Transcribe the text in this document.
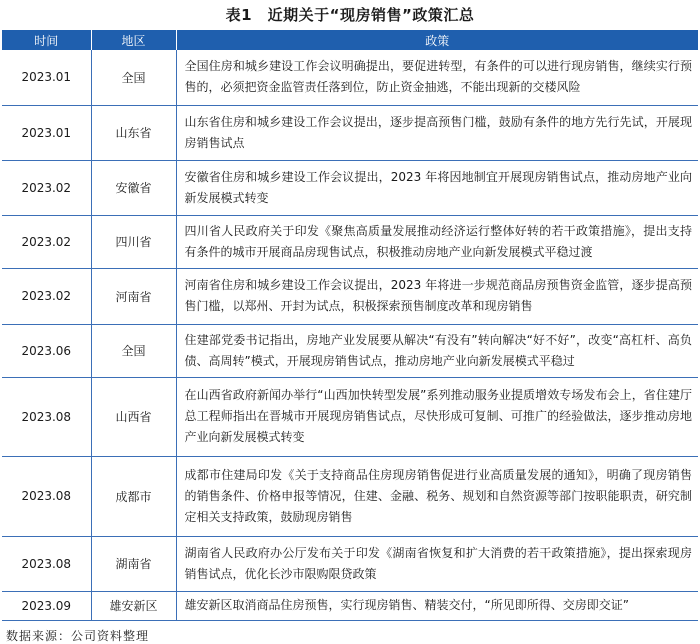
表1　近期关于“现房销售”政策汇总
时间	地区	政策
2023.01	全国	全国住房和城乡建设工作会议明确提出，要促进转型，有条件的可以进行现房销售，继续实行预售的，必须把资金监管责任落到位，防止资金抽逃，不能出现新的交楼风险
2023.01	山东省	山东省住房和城乡建设工作会议提出，逐步提高预售门槛，鼓励有条件的地方先行先试，开展现房销售试点
2023.02	安徽省	安徽省住房和城乡建设工作会议提出，2023 年将因地制宜开展现房销售试点，推动房地产业向新发展模式转变
2023.02	四川省	四川省人民政府关于印发《聚焦高质量发展推动经济运行整体好转的若干政策措施》，提出支持有条件的城市开展商品房现售试点，积极推动房地产业向新发展模式平稳过渡
2023.02	河南省	河南省住房和城乡建设工作会议提出，2023 年将进一步规范商品房预售资金监管，逐步提高预售门槛，以郑州、开封为试点，积极探索预售制度改革和现房销售
2023.06	全国	住建部党委书记指出，房地产业发展要从解决“有没有”转向解决“好不好”，改变“高杠杆、高负债、高周转”模式，开展现房销售试点，推动房地产业向新发展模式平稳过
2023.08	山西省	在山西省政府新闻办举行“山西加快转型发展”系列推动服务业提质增效专场发布会上，省住建厅总工程师指出在晋城市开展现房销售试点，尽快形成可复制、可推广的经验做法，逐步推动房地产业向新发展模式转变
2023.08	成都市	成都市住建局印发《关于支持商品住房现房销售促进行业高质量发展的通知》，明确了现房销售的销售条件、价格申报等情况，住建、金融、税务、规划和自然资源等部门按职能职责，研究制定相关支持政策，鼓励现房销售
2023.08	湖南省	湖南省人民政府办公厅发布关于印发《湖南省恢复和扩大消费的若干政策措施》，提出探索现房销售试点，优化长沙市限购限贷政策
2023.09	雄安新区	雄安新区取消商品住房预售，实行现房销售、精装交付，“所见即所得、交房即交证”
数据来源：公司资料整理
